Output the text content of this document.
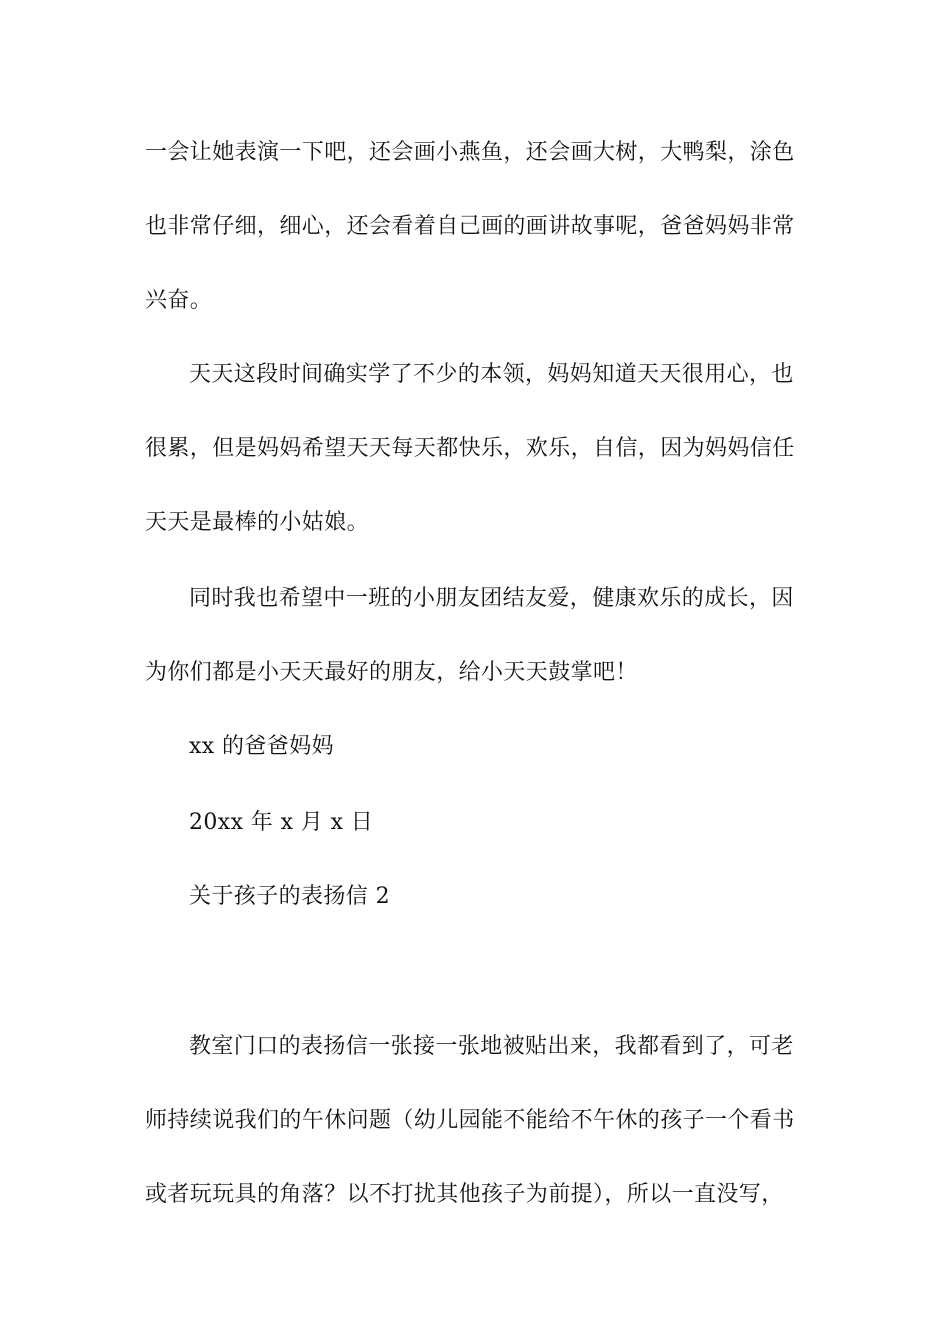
一会让她表演一下吧，还会画小燕鱼，还会画大树，大鸭梨，涂色
也非常仔细，细心，还会看着自己画的画讲故事呢，爸爸妈妈非常
兴奋。
天天这段时间确实学了不少的本领，妈妈知道天天很用心，也
很累，但是妈妈希望天天每天都快乐，欢乐，自信，因为妈妈信任
天天是最棒的小姑娘。
同时我也希望中一班的小朋友团结友爱，健康欢乐的成长，因
为你们都是小天天最好的朋友，给小天天鼓掌吧！
xx 的爸爸妈妈
20xx 年 x 月 x 日
关于孩子的表扬信 2
教室门口的表扬信一张接一张地被贴出来，我都看到了，可老
师持续说我们的午休问题（幼儿园能不能给不午休的孩子一个看书
或者玩玩具的角落？以不打扰其他孩子为前提），所以一直没写，
